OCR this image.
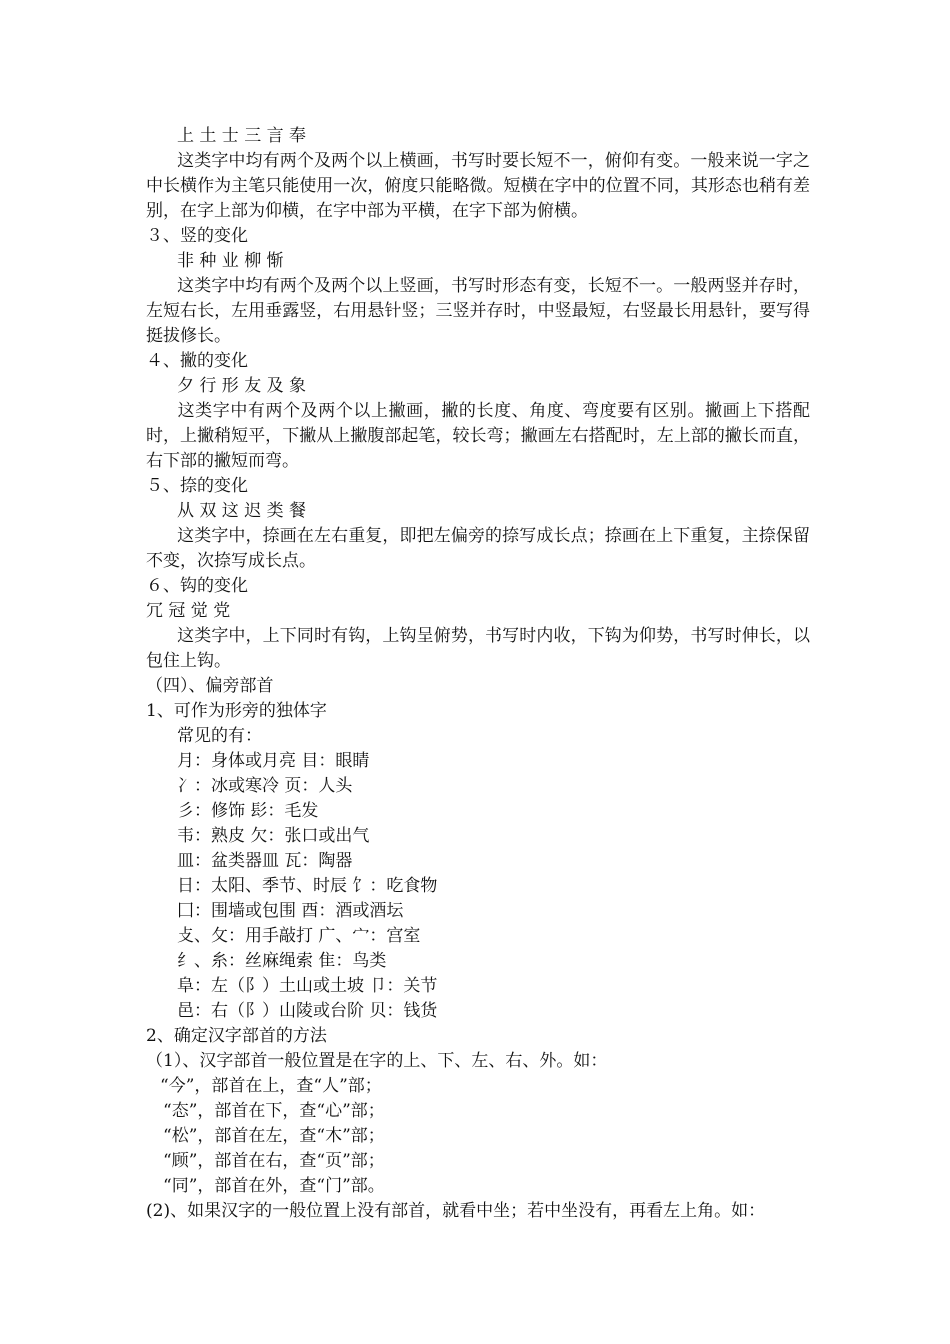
上 土 士 三 言 奉
这类字中均有两个及两个以上横画，书写时要长短不一，俯仰有变。一般来说一字之中长横作为主笔只能使用一次，俯度只能略微。短横在字中的位置不同，其形态也稍有差别，在字上部为仰横，在字中部为平横，在字下部为俯横。
３、竖的变化
非 种 业 柳 惭
这类字中均有两个及两个以上竖画，书写时形态有变，长短不一。一般两竖并存时，左短右长，左用垂露竖，右用悬针竖；三竖并存时，中竖最短，右竖最长用悬针，要写得挺拔修长。
４、撇的变化
夕 行 形 友 及 象
这类字中有两个及两个以上撇画，撇的长度、角度、弯度要有区别。撇画上下搭配时，上撇稍短平，下撇从上撇腹部起笔，较长弯；撇画左右搭配时，左上部的撇长而直，右下部的撇短而弯。
５、捺的变化
从 双 这 迟 类 餐
这类字中，捺画在左右重复，即把左偏旁的捺写成长点；捺画在上下重复，主捺保留不变，次捺写成长点。
６、钩的变化
冗 冠 觉 党
这类字中，上下同时有钩，上钩呈俯势，书写时内收，下钩为仰势，书写时伸长，以包住上钩。
（四）、偏旁部首
1、可作为形旁的独体字
常见的有：
月：身体或月亮 目：眼睛
冫：冰或寒冷 页：人头
彡：修饰 髟：毛发
韦：熟皮 欠：张口或出气
皿：盆类器皿 瓦：陶器
日：太阳、季节、时辰 饣：吃食物
囗：围墙或包围 酉：酒或酒坛
攴、攵：用手敲打 广、宀：宫室
纟、糸：丝麻绳索 隹：鸟类
阜：左（阝）土山或土坡 卩：关节
邑：右（阝）山陵或台阶 贝：钱货
2、确定汉字部首的方法
（1）、汉字部首一般位置是在字的上、下、左、右、外。如：
“今”，部首在上，查“人”部；
“态”，部首在下，查“心”部；
“松”，部首在左，查“木”部；
“顾”，部首在右，查“页”部；
“同”，部首在外，查“门”部。
(2)、如果汉字的一般位置上没有部首，就看中坐；若中坐没有，再看左上角。如：
